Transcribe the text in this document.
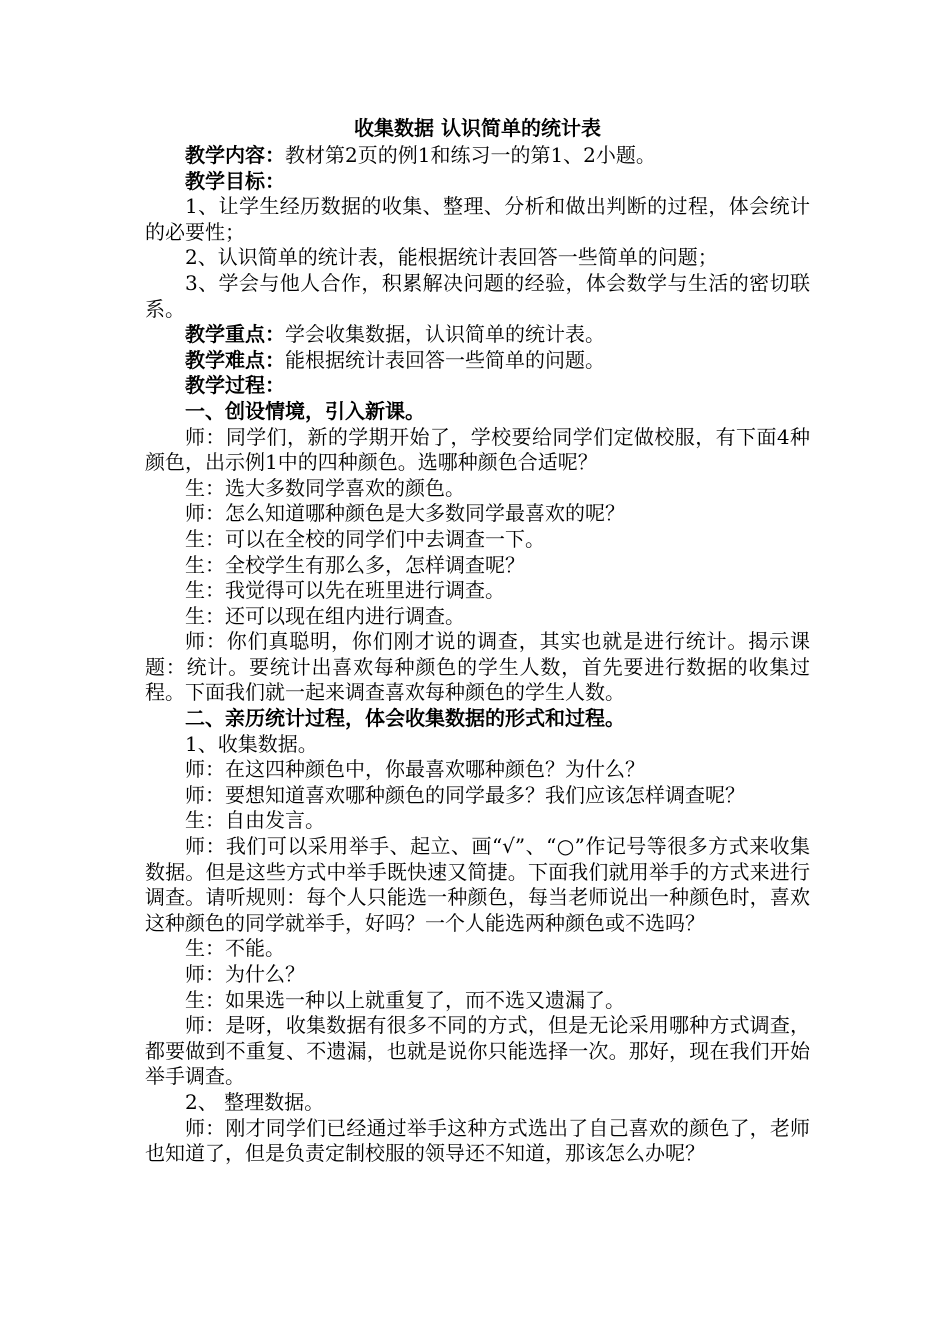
收集数据 认识简单的统计表

教学内容：教材第2页的例1和练习一的第1、2小题。

教学目标：

1、让学生经历数据的收集、整理、分析和做出判断的过程，体会统计的必要性；

2、认识简单的统计表，能根据统计表回答一些简单的问题；

3、学会与他人合作，积累解决问题的经验，体会数学与生活的密切联系。

教学重点：学会收集数据，认识简单的统计表。

教学难点：能根据统计表回答一些简单的问题。

教学过程：

一、创设情境，引入新课。

师：同学们，新的学期开始了，学校要给同学们定做校服，有下面4种颜色，出示例1中的四种颜色。选哪种颜色合适呢？

生：选大多数同学喜欢的颜色。

师：怎么知道哪种颜色是大多数同学最喜欢的呢？

生：可以在全校的同学们中去调查一下。

生：全校学生有那么多，怎样调查呢？

生：我觉得可以先在班里进行调查。

生：还可以现在组内进行调查。

师：你们真聪明，你们刚才说的调查，其实也就是进行统计。揭示课题：统计。要统计出喜欢每种颜色的学生人数，首先要进行数据的收集过程。下面我们就一起来调查喜欢每种颜色的学生人数。

二、亲历统计过程，体会收集数据的形式和过程。

1、收集数据。

师：在这四种颜色中，你最喜欢哪种颜色？为什么？

师：要想知道喜欢哪种颜色的同学最多？我们应该怎样调查呢？

生：自由发言。

师：我们可以采用举手、起立、画“√”、“○”作记号等很多方式来收集数据。但是这些方式中举手既快速又简捷。下面我们就用举手的方式来进行调查。请听规则：每个人只能选一种颜色，每当老师说出一种颜色时，喜欢这种颜色的同学就举手，好吗？一个人能选两种颜色或不选吗？

生：不能。

师：为什么？

生：如果选一种以上就重复了，而不选又遗漏了。

师：是呀，收集数据有很多不同的方式，但是无论采用哪种方式调查，都要做到不重复、不遗漏，也就是说你只能选择一次。那好，现在我们开始举手调查。

2、 整理数据。

师：刚才同学们已经通过举手这种方式选出了自己喜欢的颜色了，老师也知道了，但是负责定制校服的领导还不知道，那该怎么办呢？
